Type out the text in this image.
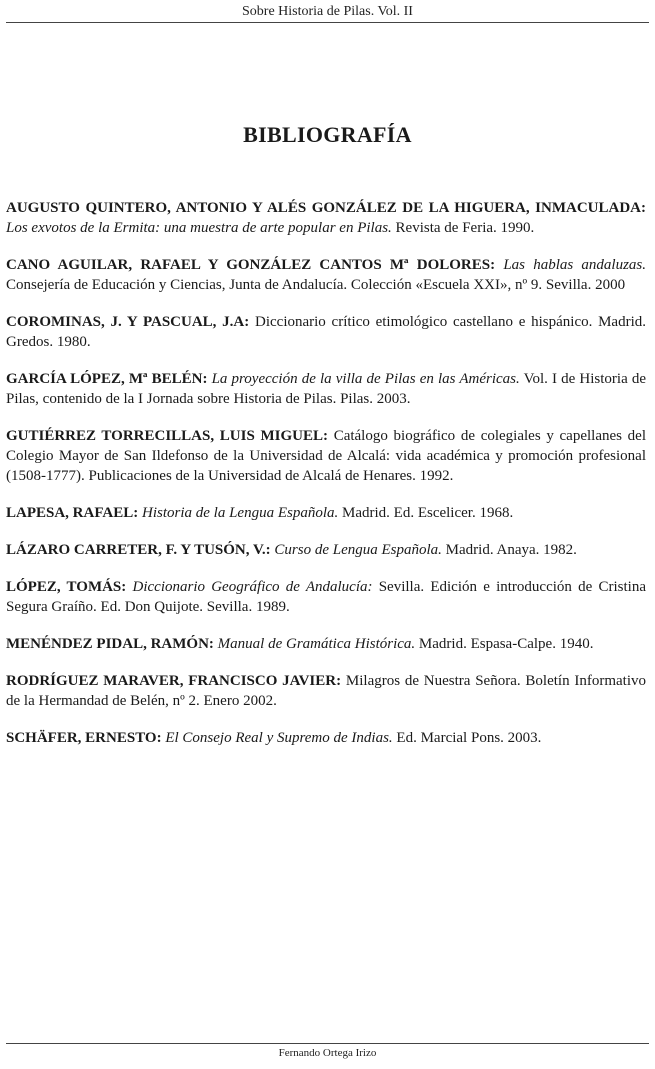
Sobre Historia de Pilas. Vol. II
BIBLIOGRAFÍA

AUGUSTO QUINTERO, ANTONIO Y ALÉS GONZÁLEZ DE LA HIGUERA, INMACULADA: Los exvotos de la Ermita: una muestra de arte popular en Pilas. Revista de Feria. 1990.

CANO AGUILAR, RAFAEL Y GONZÁLEZ CANTOS Mª DOLORES: Las hablas andaluzas. Consejería de Educación y Ciencias, Junta de Andalucía. Colección «Escuela XXI», nº 9. Sevilla. 2000

COROMINAS, J. Y PASCUAL, J.A: Diccionario crítico etimológico castellano e hispánico. Madrid. Gredos. 1980.

GARCÍA LÓPEZ, Mª BELÉN: La proyección de la villa de Pilas en las Américas. Vol. I de Historia de Pilas, contenido de la I Jornada sobre Historia de Pilas. Pilas. 2003.

GUTIÉRREZ TORRECILLAS, LUIS MIGUEL: Catálogo biográfico de colegiales y capellanes del Colegio Mayor de San Ildefonso de la Universidad de Alcalá: vida académica y promoción profesional (1508-1777). Publicaciones de la Universidad de Alcalá de Henares. 1992.

LAPESA, RAFAEL: Historia de la Lengua Española. Madrid. Ed. Escelicer. 1968.

LÁZARO CARRETER, F. Y TUSÓN, V.: Curso de Lengua Española. Madrid. Anaya. 1982.

LÓPEZ, TOMÁS: Diccionario Geográfico de Andalucía: Sevilla. Edición e introducción de Cristina Segura Graíño. Ed. Don Quijote. Sevilla. 1989.

MENÉNDEZ PIDAL, RAMÓN: Manual de Gramática Histórica. Madrid. Espasa-Calpe. 1940.

RODRÍGUEZ MARAVER, FRANCISCO JAVIER: Milagros de Nuestra Señora. Boletín Informativo de la Hermandad de Belén, nº 2. Enero 2002.

SCHÄFER, ERNESTO: El Consejo Real y Supremo de Indias. Ed. Marcial Pons. 2003.

Fernando Ortega Irizo
